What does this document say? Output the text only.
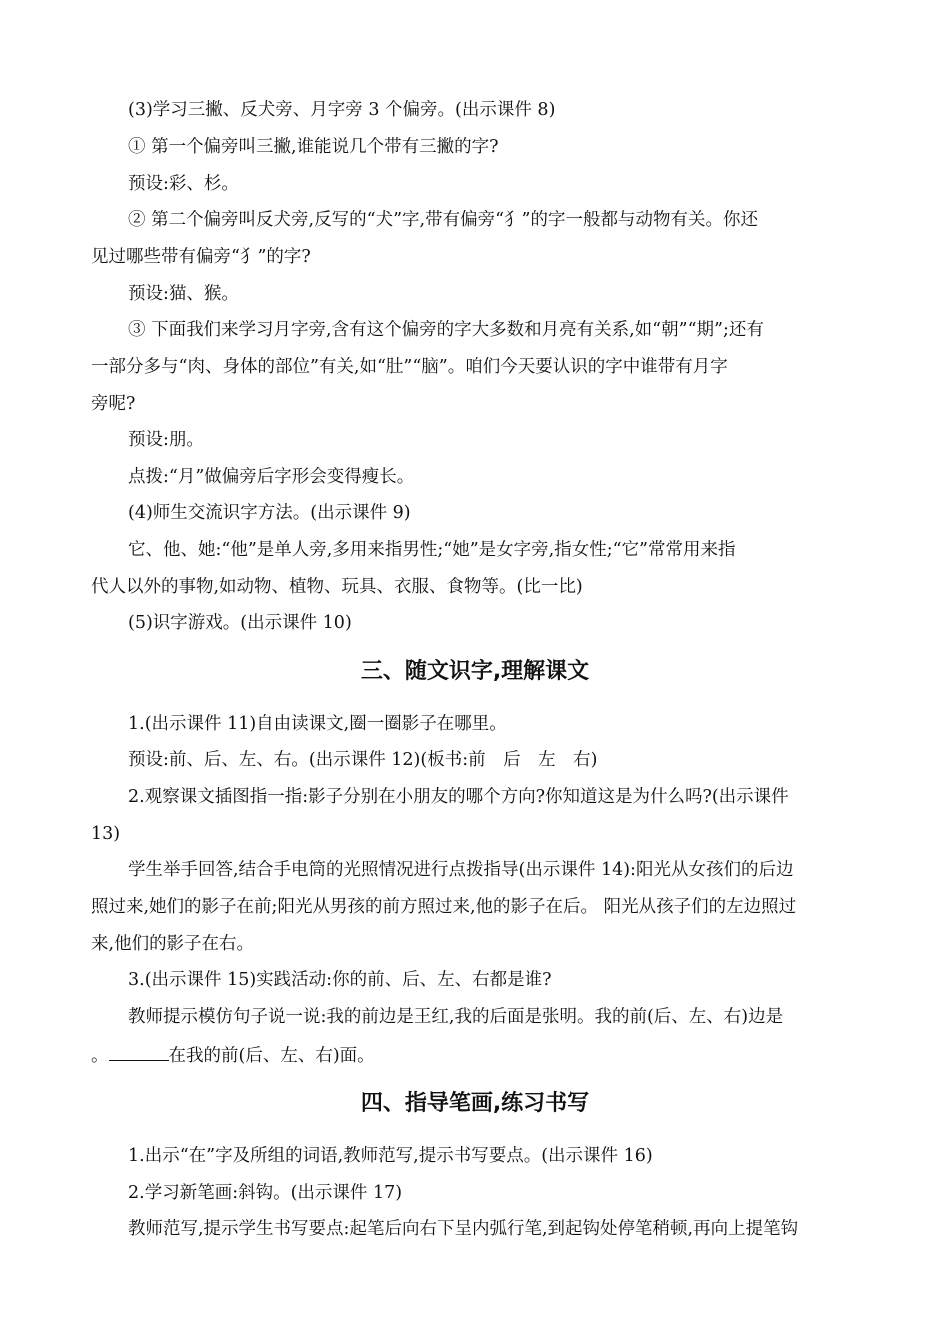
(3)学习三撇、反犬旁、月字旁 3 个偏旁。(出示课件 8)
① 第一个偏旁叫三撇,谁能说几个带有三撇的字?
预设:彩、杉。
② 第二个偏旁叫反犬旁,反写的“犬”字,带有偏旁“犭”的字一般都与动物有关。你还
见过哪些带有偏旁“犭”的字?
预设:猫、猴。
③ 下面我们来学习月字旁,含有这个偏旁的字大多数和月亮有关系,如“朝”“期”;还有
一部分多与“肉、身体的部位”有关,如“肚”“脑”。咱们今天要认识的字中谁带有月字
旁呢?
预设:朋。
点拨:“月”做偏旁后字形会变得瘦长。
(4)师生交流识字方法。(出示课件 9)
它、他、她:“他”是单人旁,多用来指男性;“她”是女字旁,指女性;“它”常常用来指
代人以外的事物,如动物、植物、玩具、衣服、食物等。(比一比)
(5)识字游戏。(出示课件 10)
三、随文识字,理解课文
1.(出示课件 11)自由读课文,圈一圈影子在哪里。
预设:前、后、左、右。(出示课件 12)(板书:前　后　左　右)
2.观察课文插图指一指:影子分别在小朋友的哪个方向?你知道这是为什么吗?(出示课件
13)
学生举手回答,结合手电筒的光照情况进行点拨指导(出示课件 14):阳光从女孩们的后边
照过来,她们的影子在前;阳光从男孩的前方照过来,他的影子在后。 阳光从孩子们的左边照过
来,他们的影子在右。
3.(出示课件 15)实践活动:你的前、后、左、右都是谁?
教师提示模仿句子说一说:我的前边是王红,我的后面是张明。我的前(后、左、右)边是
。	在我的前(后、左、右)面。
四、指导笔画,练习书写
1.出示“在”字及所组的词语,教师范写,提示书写要点。(出示课件 16)
2.学习新笔画:斜钩。(出示课件 17)
教师范写,提示学生书写要点:起笔后向右下呈内弧行笔,到起钩处停笔稍顿,再向上提笔钩
